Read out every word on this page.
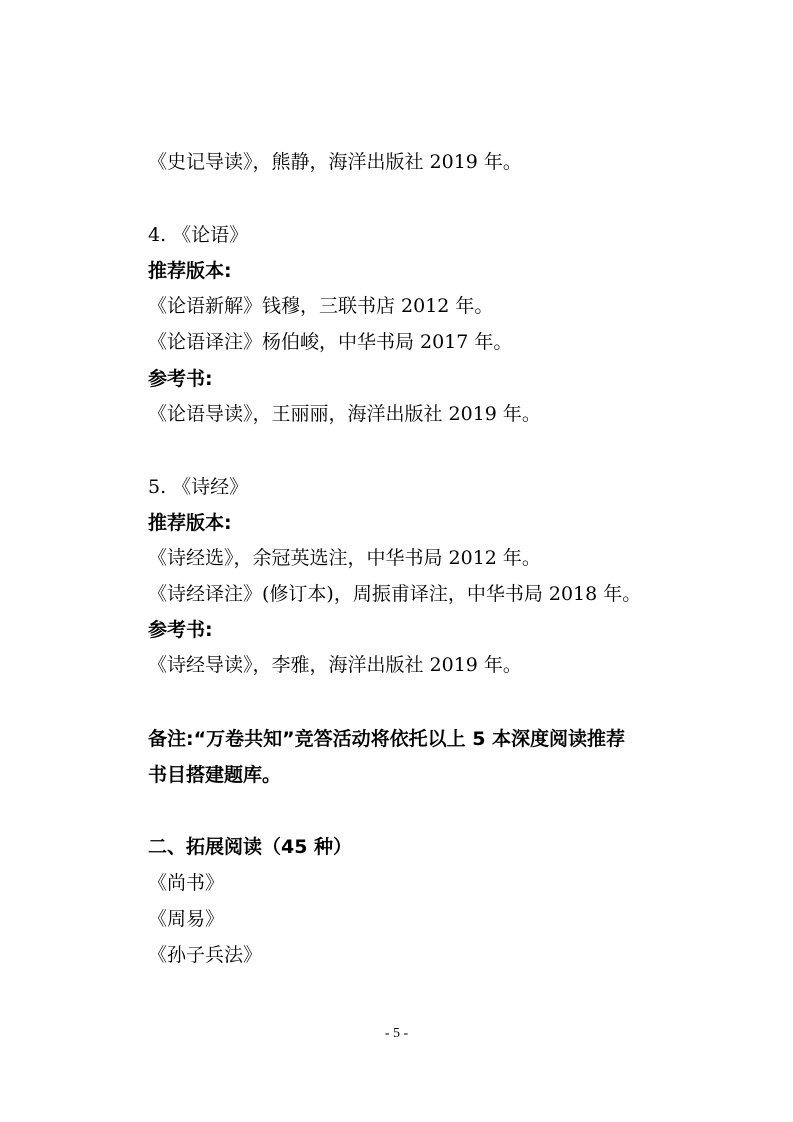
《史记导读》，熊静，海洋出版社 2019 年。
4. 《论语》
推荐版本:
《论语新解》钱穆，三联书店 2012 年。
《论语译注》杨伯峻，中华书局 2017 年。
参考书:
《论语导读》，王丽丽，海洋出版社 2019 年。
5. 《诗经》
推荐版本:
《诗经选》，余冠英选注，中华书局 2012 年。
《诗经译注》(修订本)，周振甫译注，中华书局 2018 年。
参考书:
《诗经导读》，李雅，海洋出版社 2019 年。
备注:“万卷共知”竞答活动将依托以上 5 本深度阅读推荐
书目搭建题库。
二、拓展阅读（45 种）
《尚书》
《周易》
《孙子兵法》
- 5 -
